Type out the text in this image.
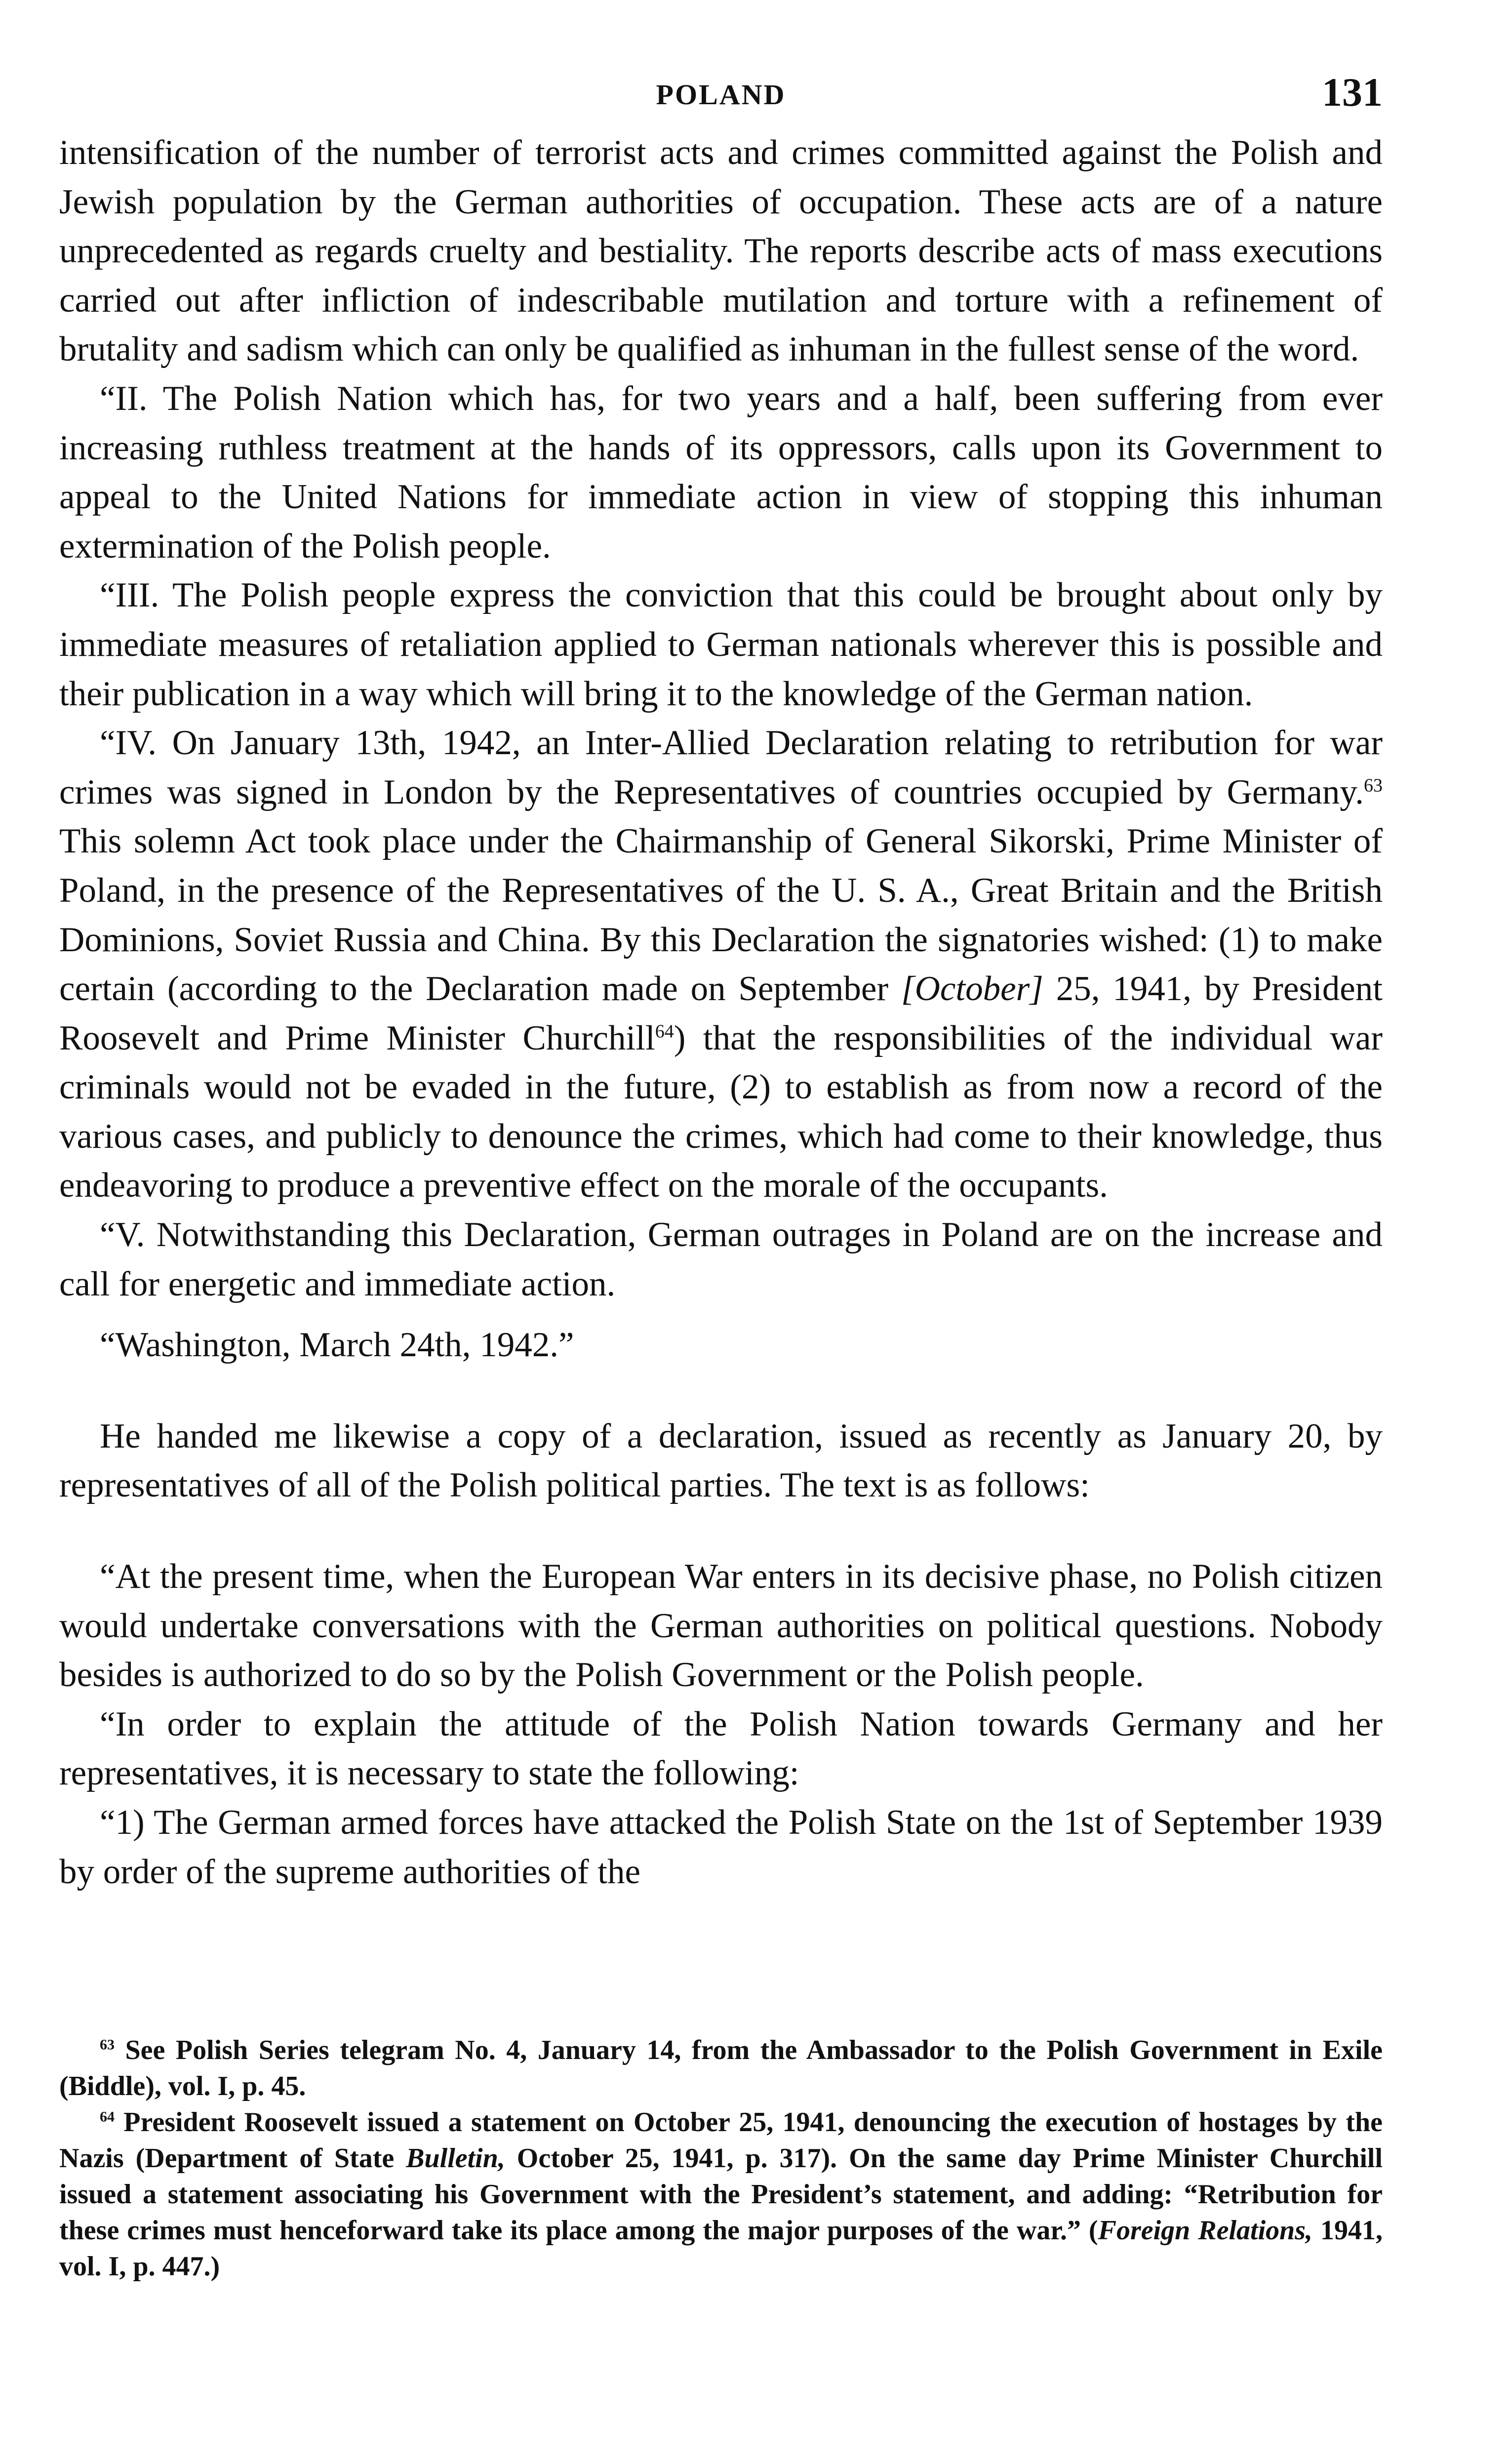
POLAND	131

intensification of the number of terrorist acts and crimes committed against the Polish and Jewish population by the German authorities of occupation. These acts are of a nature unprecedented as regards cruelty and bestiality. The reports describe acts of mass executions carried out after infliction of indescribable mutilation and torture with a refinement of brutality and sadism which can only be qualified as inhuman in the fullest sense of the word.

“II. The Polish Nation which has, for two years and a half, been suffering from ever increasing ruthless treatment at the hands of its oppressors, calls upon its Government to appeal to the United Nations for immediate action in view of stopping this inhuman extermination of the Polish people.

“III. The Polish people express the conviction that this could be brought about only by immediate measures of retaliation applied to German nationals wherever this is possible and their publication in a way which will bring it to the knowledge of the German nation.

“IV. On January 13th, 1942, an Inter-Allied Declaration relating to retribution for war crimes was signed in London by the Representatives of countries occupied by Germany.$^{63}$ This solemn Act took place under the Chairmanship of General Sikorski, Prime Minister of Poland, in the presence of the Representatives of the U. S. A., Great Britain and the British Dominions, Soviet Russia and China. By this Declaration the signatories wished: (1) to make certain (according to the Declaration made on September [October] 25, 1941, by President Roosevelt and Prime Minister Churchill$^{64}$) that the responsibilities of the individual war criminals would not be evaded in the future, (2) to establish as from now a record of the various cases, and publicly to denounce the crimes, which had come to their knowledge, thus endeavoring to produce a preventive effect on the morale of the occupants.

“V. Notwithstanding this Declaration, German outrages in Poland are on the increase and call for energetic and immediate action.

“Washington, March 24th, 1942.”

He handed me likewise a copy of a declaration, issued as recently as January 20, by representatives of all of the Polish political parties. The text is as follows:

“At the present time, when the European War enters in its decisive phase, no Polish citizen would undertake conversations with the German authorities on political questions. Nobody besides is authorized to do so by the Polish Government or the Polish people.

“In order to explain the attitude of the Polish Nation towards Germany and her representatives, it is necessary to state the following:

“1) The German armed forces have attacked the Polish State on the 1st of September 1939 by order of the supreme authorities of the

$^{63}$ See Polish Series telegram No. 4, January 14, from the Ambassador to the Polish Government in Exile (Biddle), vol. I, p. 45.

$^{64}$ President Roosevelt issued a statement on October 25, 1941, denouncing the execution of hostages by the Nazis (Department of State Bulletin, October 25, 1941, p. 317). On the same day Prime Minister Churchill issued a statement associating his Government with the President’s statement, and adding: “Retribution for these crimes must henceforward take its place among the major purposes of the war.” (Foreign Relations, 1941, vol. I, p. 447.)
